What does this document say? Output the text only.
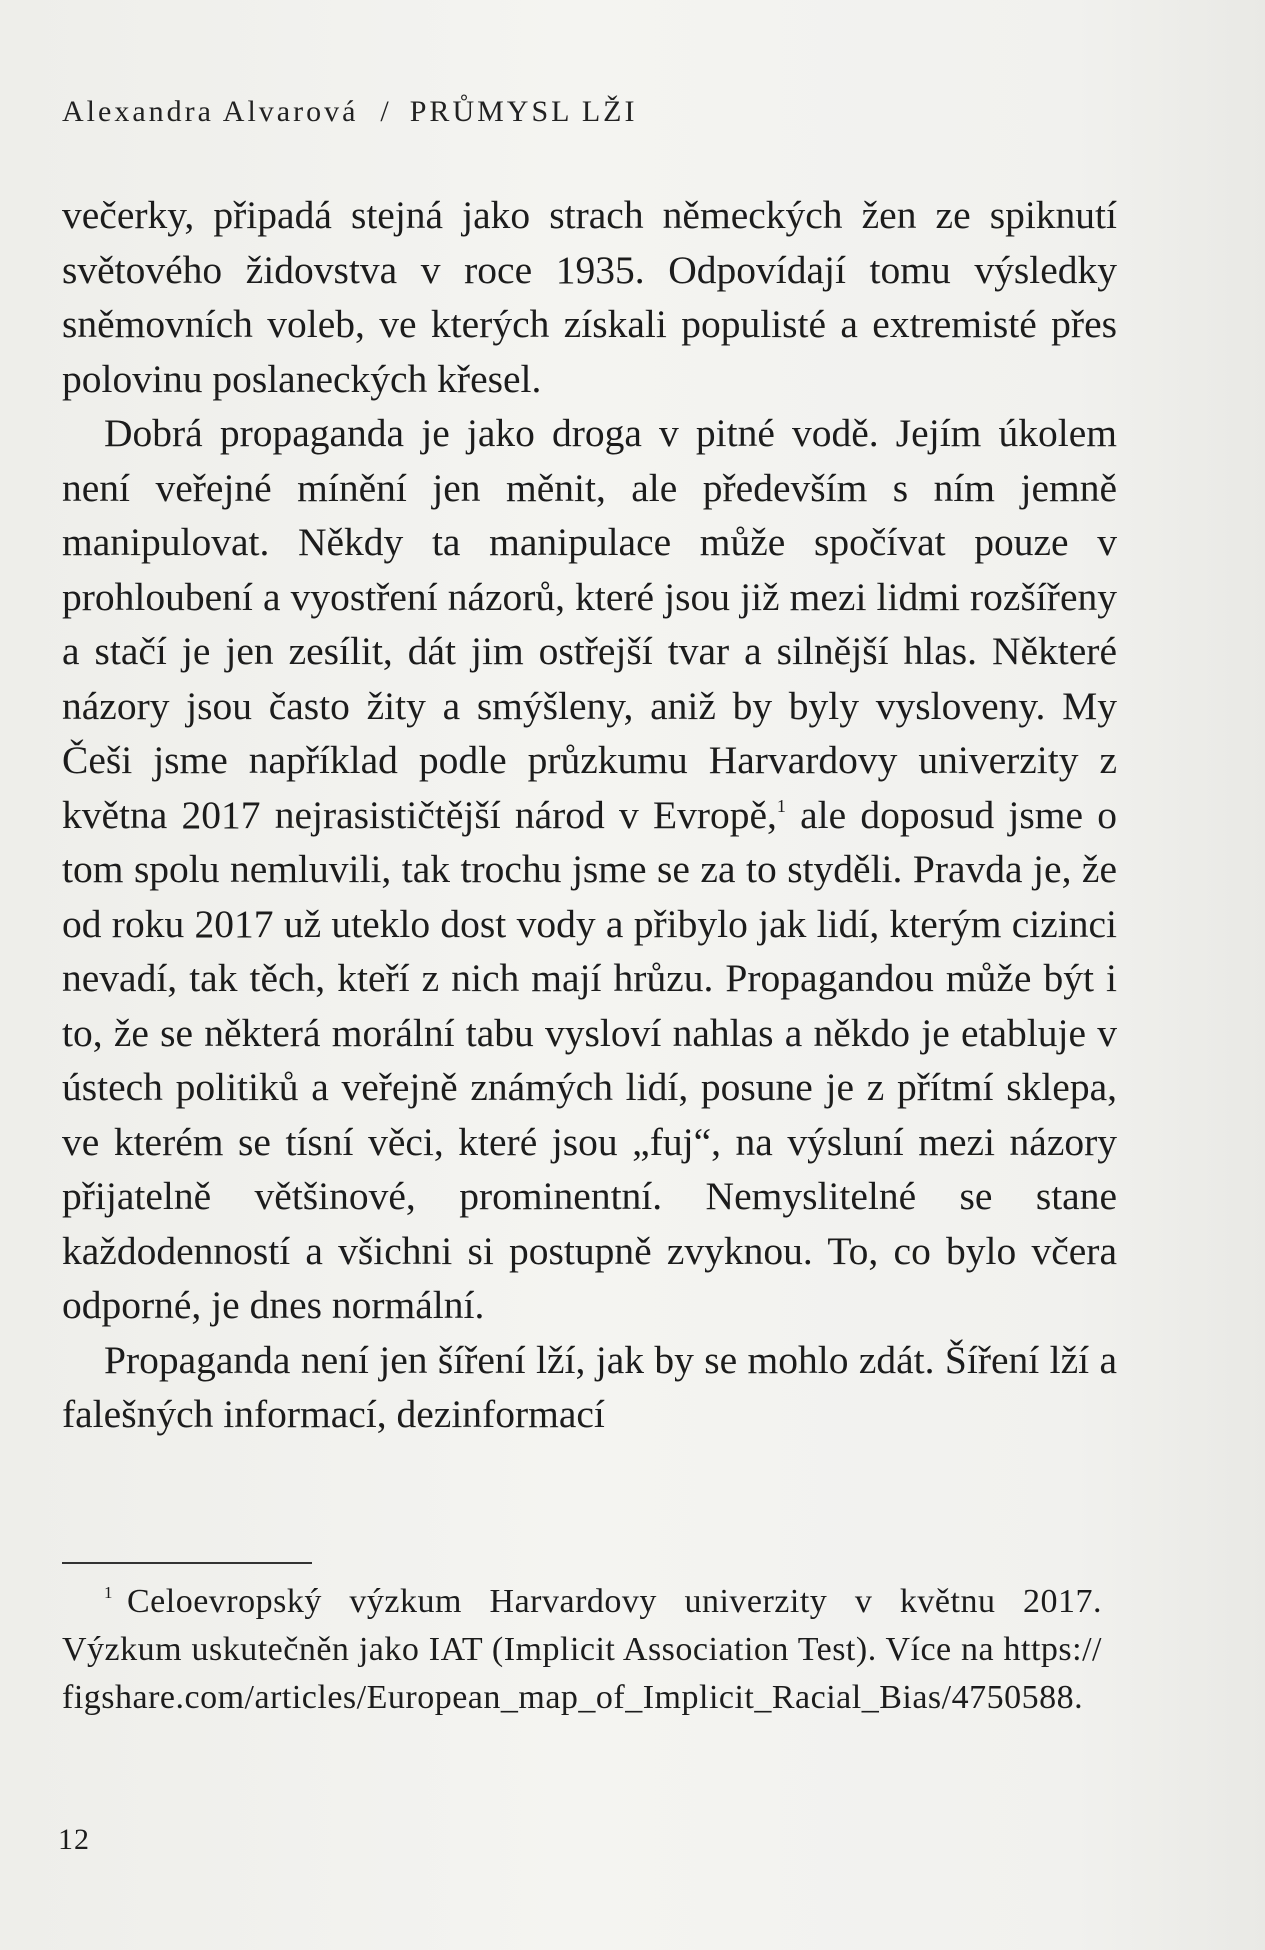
Alexandra Alvarová / PRŮMYSL LŽI

večerky, připadá stejná jako strach německých žen ze spiknutí světového židovstva v roce 1935. Odpovídají tomu výsledky sněmovních voleb, ve kterých získali populisté a extremisté přes polovinu poslaneckých křesel.

Dobrá propaganda je jako droga v pitné vodě. Jejím úkolem není veřejné mínění jen měnit, ale především s ním jemně manipulovat. Někdy ta manipulace může spočívat pouze v prohloubení a vyostření názorů, které jsou již mezi lidmi rozšířeny a stačí je jen zesílit, dát jim ostřejší tvar a silnější hlas. Některé názory jsou často žity a smýšleny, aniž by byly vysloveny. My Češi jsme například podle průzkumu Harvardovy univerzity z května 2017 nejrasističtější národ v Evropě,$^1$ ale doposud jsme o tom spolu nemluvili, tak trochu jsme se za to styděli. Pravda je, že od roku 2017 už uteklo dost vody a přibylo jak lidí, kterým cizinci nevadí, tak těch, kteří z nich mají hrůzu. Propagandou může být i to, že se některá morální tabu vysloví nahlas a někdo je etabluje v ústech politiků a veřejně známých lidí, posune je z přítmí sklepa, ve kterém se tísní věci, které jsou „fuj“, na výsluní mezi názory přijatelně většinové, prominentní. Nemyslitelné se stane každodenností a všichni si postupně zvyknou. To, co bylo včera odporné, je dnes normální.

Propaganda není jen šíření lží, jak by se mohlo zdát. Šíření lží a falešných informací, dezinformací

$^1$ Celoevropský výzkum Harvardovy univerzity v květnu 2017. Výzkum uskutečněn jako IAT (Implicit Association Test). Více na https://figshare.com/articles/European_map_of_Implicit_Racial_Bias/4750588.
12
